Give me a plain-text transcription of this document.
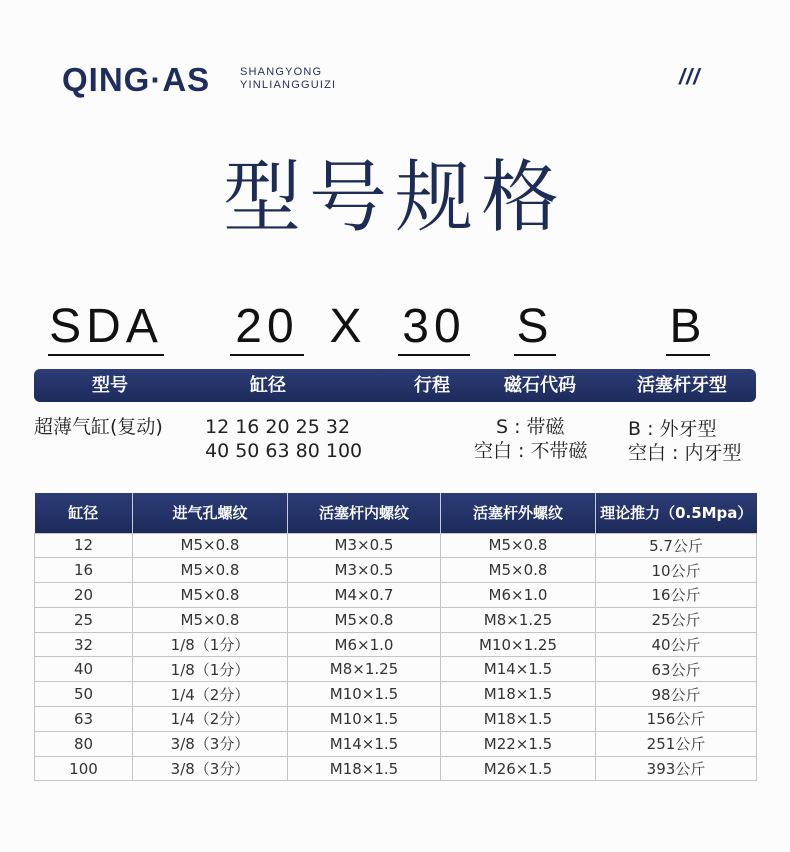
QING·AS	SHANGYONG
YINLIANGGUIZI	///
型号规格
SDA 20 X 30 S B
型号	缸径	行程	磁石代码	活塞杆牙型
超薄气缸(复动) 12 16 20 25 32
40 50 63 80 100
S : 带磁
空白 : 不带磁
B : 外牙型
空白 : 内牙型
缸径	进气孔螺纹	活塞杆内螺纹	活塞杆外螺纹	理论推力（0.5Mpa）
12	M5×0.8	M3×0.5	M5×0.8	5.7公斤
16	M5×0.8	M3×0.5	M5×0.8	10公斤
20	M5×0.8	M4×0.7	M6×1.0	16公斤
25	M5×0.8	M5×0.8	M8×1.25	25公斤
32	1/8（1分）	M6×1.0	M10×1.25	40公斤
40	1/8（1分）	M8×1.25	M14×1.5	63公斤
50	1/4（2分）	M10×1.5	M18×1.5	98公斤
63	1/4（2分）	M10×1.5	M18×1.5	156公斤
80	3/8（3分）	M14×1.5	M22×1.5	251公斤
100	3/8（3分）	M18×1.5	M26×1.5	393公斤
